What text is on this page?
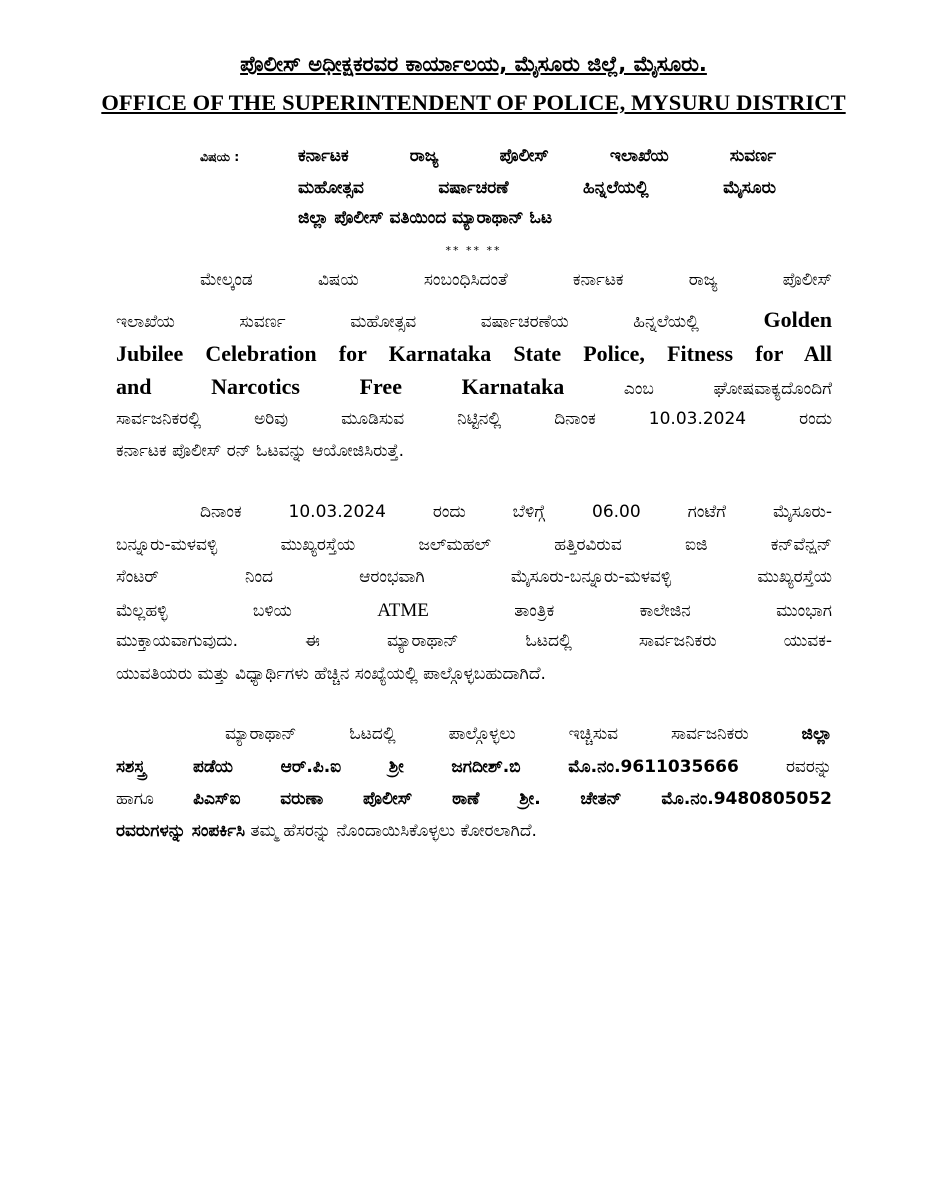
ಪೊಲೀಸ್ ಅಧೀಕ್ಷಕರವರ ಕಾರ್ಯಾಲಯ, ಮೈಸೂರು ಜಿಲ್ಲೆ, ಮೈಸೂರು.
OFFICE OF THE SUPERINTENDENT OF POLICE, MYSURU DISTRICT
ವಿಷಯ :	ಕರ್ನಾಟಕ ರಾಜ್ಯ ಪೊಲೀಸ್ ಇಲಾಖೆಯ ಸುವರ್ಣ
ಮಹೋತ್ಸವ ವರ್ಷಾಚರಣೆ ಹಿನ್ನಲೆಯಲ್ಲಿ ಮೈಸೂರು
ಜಿಲ್ಲಾ ಪೊಲೀಸ್ ವತಿಯಿಂದ ಮ್ಯಾರಾಥಾನ್ ಓಟ
** ** **
ಮೇಲ್ಕಂಡ ವಿಷಯ ಸಂಬಂಧಿಸಿದಂತೆ ಕರ್ನಾಟಕ ರಾಜ್ಯ ಪೊಲೀಸ್
ಇಲಾಖೆಯ ಸುವರ್ಣ ಮಹೋತ್ಸವ ವರ್ಷಾಚರಣೆಯ ಹಿನ್ನಲೆಯಲ್ಲಿ	Golden
Jubilee Celebration for Karnataka State Police, Fitness for All
and Narcotics Free Karnataka	ಎಂಬ ಘೋಷವಾಕ್ಯದೊಂದಿಗೆ
ಸಾರ್ವಜನಿಕರಲ್ಲಿ ಅರಿವು ಮೂಡಿಸುವ ನಿಟ್ಟಿನಲ್ಲಿ ದಿನಾಂಕ 10.03.2024 ರಂದು
ಕರ್ನಾಟಕ ಪೊಲೀಸ್ ರನ್ ಓಟವನ್ನು ಆಯೋಜಿಸಿರುತ್ತೆ.
ದಿನಾಂಕ 10.03.2024 ರಂದು ಬೆಳಿಗ್ಗೆ 06.00 ಗಂಟೆಗೆ ಮೈಸೂರು-
ಬನ್ನೂರು-ಮಳವಳ್ಳಿ ಮುಖ್ಯರಸ್ತೆಯ ಜಲ್‌ಮಹಲ್ ಹತ್ತಿರವಿರುವ ಐಜಿ ಕನ್‌ವೆನ್ಷನ್
ಸೆಂಟರ್ ನಿಂದ ಆರಂಭವಾಗಿ ಮೈಸೂರು-ಬನ್ನೂರು-ಮಳವಳ್ಳಿ ಮುಖ್ಯರಸ್ತೆಯ
ಮೆಲ್ಲಹಳ್ಳಿ ಬಳಿಯ	ATME	ತಾಂತ್ರಿಕ ಕಾಲೇಜಿನ ಮುಂಭಾಗ
ಮುಕ್ತಾಯವಾಗುವುದು. ಈ ಮ್ಯಾರಾಥಾನ್ ಓಟದಲ್ಲಿ ಸಾರ್ವಜನಿಕರು ಯುವಕ-
ಯುವತಿಯರು ಮತ್ತು ವಿಧ್ಯಾರ್ಥಿಗಳು ಹೆಚ್ಚಿನ ಸಂಖ್ಯೆಯಲ್ಲಿ ಪಾಲ್ಗೊಳ್ಳಬಹುದಾಗಿದೆ.
ಮ್ಯಾರಾಥಾನ್ ಓಟದಲ್ಲಿ ಪಾಲ್ಗೊಳ್ಳಲು ಇಚ್ಚಿಸುವ ಸಾರ್ವಜನಿಕರು	ಜಿಲ್ಲಾ
ಸಶಸ್ತ್ರ ಪಡೆಯ ಆರ್.ಪಿ.ಐ ಶ್ರೀ ಜಗದೀಶ್.ಬಿ ಮೊ.ನಂ.9611035666	ರವರನ್ನು
ಹಾಗೂ ಪಿಎಸ್‌ಐ ವರುಣಾ ಪೊಲೀಸ್ ಠಾಣೆ ಶ್ರೀ. ಚೇತನ್ ಮೊ.ನಂ.9480805052
ರವರುಗಳನ್ನು ಸಂಪರ್ಕಿಸಿ ತಮ್ಮ ಹೆಸರನ್ನು ನೊಂದಾಯಿಸಿಕೊಳ್ಳಲು ಕೋರಲಾಗಿದೆ.
